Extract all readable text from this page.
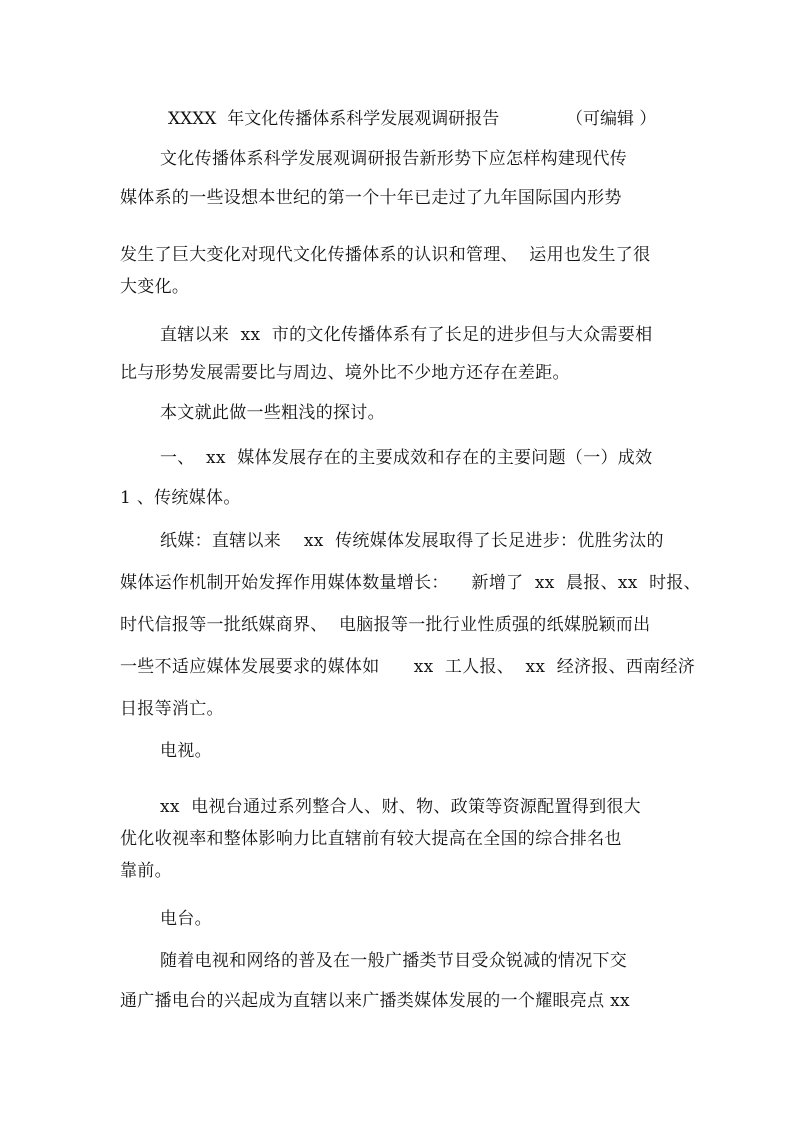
XXXX  年文化传播体系科学发展观调研报告

	（可编辑 ）

文化传播体系科学发展观调研报告新形势下应怎样构建现代传
媒体系的一些设想本世纪的第一个十年已走过了九年国际国内形势
发生了巨大变化对现代文化传播体系的认识和管理、  运用也发生了很
大变化。
直辖以来  xx  市的文化传播体系有了长足的进步但与大众需要相
比与形势发展需要比与周边、境外比不少地方还存在差距。
本文就此做一些粗浅的探讨。
一、  xx  媒体发展存在的主要成效和存在的主要问题（一）成效
1 、传统媒体。
纸媒：直辖以来    xx  传统媒体发展取得了长足进步：优胜劣汰的
媒体运作机制开始发挥作用媒体数量增长：    新增了  xx  晨报、xx  时报、
时代信报等一批纸媒商界、  电脑报等一批行业性质强的纸媒脱颖而出
一些不适应媒体发展要求的媒体如      xx  工人报、  xx  经济报、西南经济
日报等消亡。
电视。
xx  电视台通过系列整合人、财、物、政策等资源配置得到很大
优化收视率和整体影响力比直辖前有较大提高在全国的综合排名也
靠前。
电台。
随着电视和网络的普及在一般广播类节目受众锐减的情况下交
通广播电台的兴起成为直辖以来广播类媒体发展的一个耀眼亮点 xx
